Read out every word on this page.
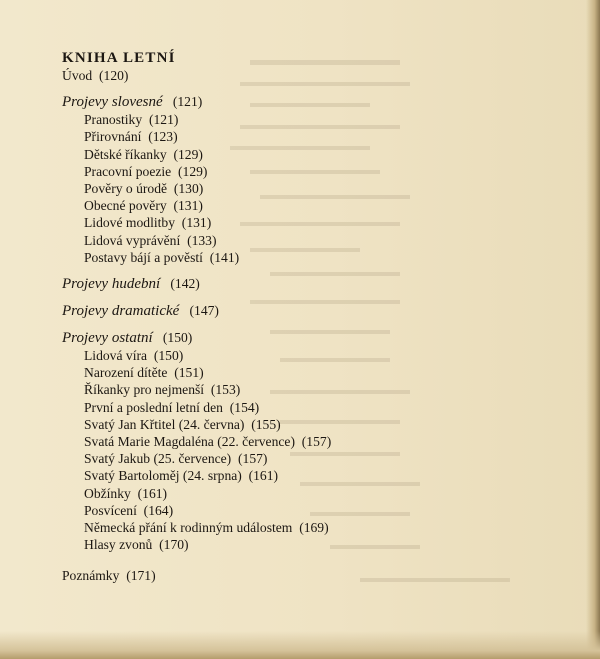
KNIHA LETNÍ
Úvod (120)
Projevy slovesné (121)
Pranostiky (121)
Přirovnání (123)
Dětské říkanky (129)
Pracovní poezie (129)
Pověry o úrodě (130)
Obecné pověry (131)
Lidové modlitby (131)
Lidová vyprávění (133)
Postavy bájí a pověstí (141)
Projevy hudební (142)
Projevy dramatické (147)
Projevy ostatní (150)
Lidová víra (150)
Narození dítěte (151)
Říkanky pro nejmenší (153)
První a poslední letní den (154)
Svatý Jan Křtitel (24. června) (155)
Svatá Marie Magdaléna (22. července) (157)
Svatý Jakub (25. července) (157)
Svatý Bartoloměj (24. srpna) (161)
Obžínky (161)
Posvícení (164)
Německá přání k rodinným událostem (169)
Hlasy zvonů (170)
Poznámky (171)
